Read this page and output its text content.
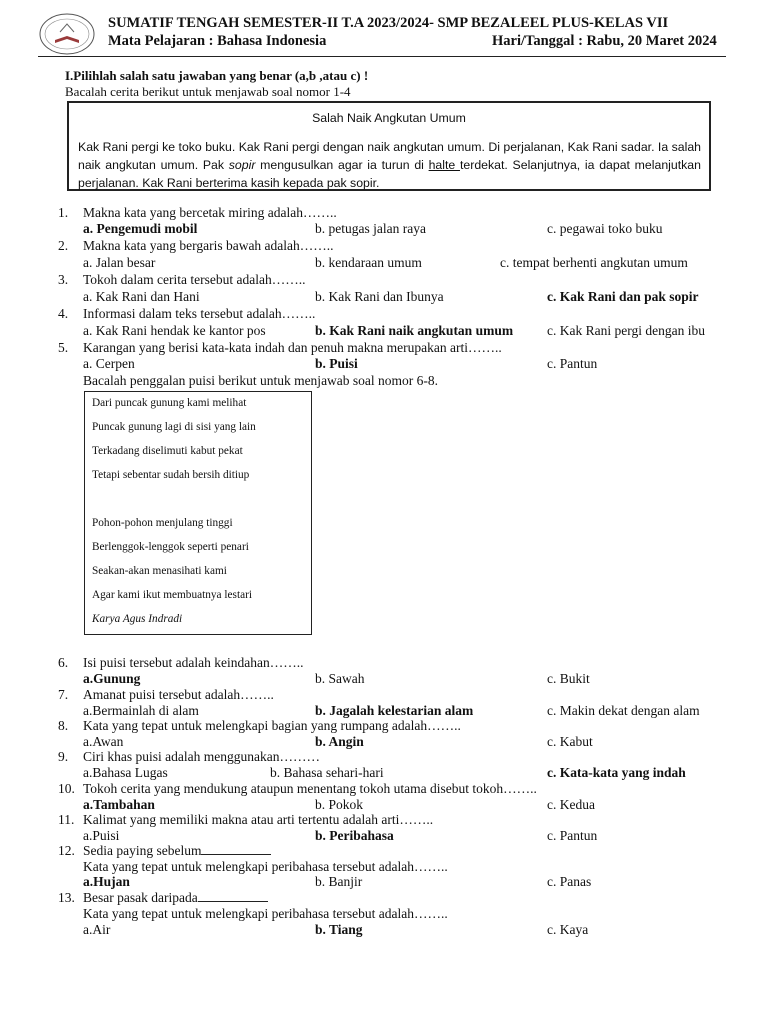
SUMATIF TENGAH SEMESTER-II T.A 2023/2024- SMP BEZALEEL PLUS-KELAS VII
Mata Pelajaran : Bahasa Indonesia	Hari/Tanggal : Rabu, 20 Maret 2024
I.Pilihlah salah satu jawaban yang benar (a,b ,atau c) !
Bacalah cerita berikut untuk menjawab soal nomor 1-4
Salah Naik Angkutan Umum
Kak Rani pergi ke toko buku. Kak Rani pergi dengan naik angkutan umum. Di perjalanan, Kak Rani sadar. Ia salah naik angkutan umum. Pak sopir mengusulkan agar ia turun di halte terdekat. Selanjutnya, ia dapat melanjutkan perjalanan. Kak Rani berterima kasih kepada pak sopir.
1. Makna kata yang bercetak miring adalah……..
a. Pengemudi mobil	b. petugas jalan raya	c. pegawai toko buku
2. Makna kata yang bergaris bawah adalah……..
a. Jalan besar	b. kendaraan umum	c. tempat berhenti angkutan umum
3. Tokoh dalam cerita tersebut adalah……..
a. Kak Rani dan Hani	b. Kak Rani dan Ibunya	c. Kak Rani dan pak sopir
4. Informasi dalam teks tersebut adalah……..
a. Kak Rani hendak ke kantor pos	b. Kak Rani naik angkutan umum	c. Kak Rani pergi dengan ibu
5. Karangan yang berisi kata-kata indah dan penuh makna merupakan arti……..
a. Cerpen	b. Puisi	c. Pantun
Bacalah penggalan puisi berikut untuk menjawab soal nomor 6-8.
Dari puncak gunung kami melihat
Puncak gunung lagi di sisi yang lain
Terkadang diselimuti kabut pekat
Tetapi sebentar sudah bersih ditiup
Pohon-pohon menjulang tinggi
Berlenggok-lenggok seperti penari
Seakan-akan menasihati kami
Agar kami ikut membuatnya lestari
Karya Agus Indradi
6. Isi puisi tersebut adalah keindahan……..
a.Gunung	b. Sawah	c. Bukit
7. Amanat puisi tersebut adalah……..
a.Bermainlah di alam	b. Jagalah kelestarian alam	c. Makin dekat dengan alam
8. Kata yang tepat untuk melengkapi bagian yang rumpang adalah……..
a.Awan	b. Angin	c. Kabut
9. Ciri khas puisi adalah menggunakan………
a.Bahasa Lugas	b. Bahasa sehari-hari	c. Kata-kata yang indah
10. Tokoh cerita yang mendukung ataupun menentang tokoh utama disebut tokoh……..
a.Tambahan	b. Pokok	c. Kedua
11. Kalimat yang memiliki makna atau arti tertentu adalah arti……..
a.Puisi	b. Peribahasa	c. Pantun
12. Sedia paying sebelum
Kata yang tepat untuk melengkapi peribahasa tersebut adalah……..
a.Hujan	b. Banjir	c. Panas
13. Besar pasak daripada
Kata yang tepat untuk melengkapi peribahasa tersebut adalah……..
a.Air	b. Tiang	c. Kaya
